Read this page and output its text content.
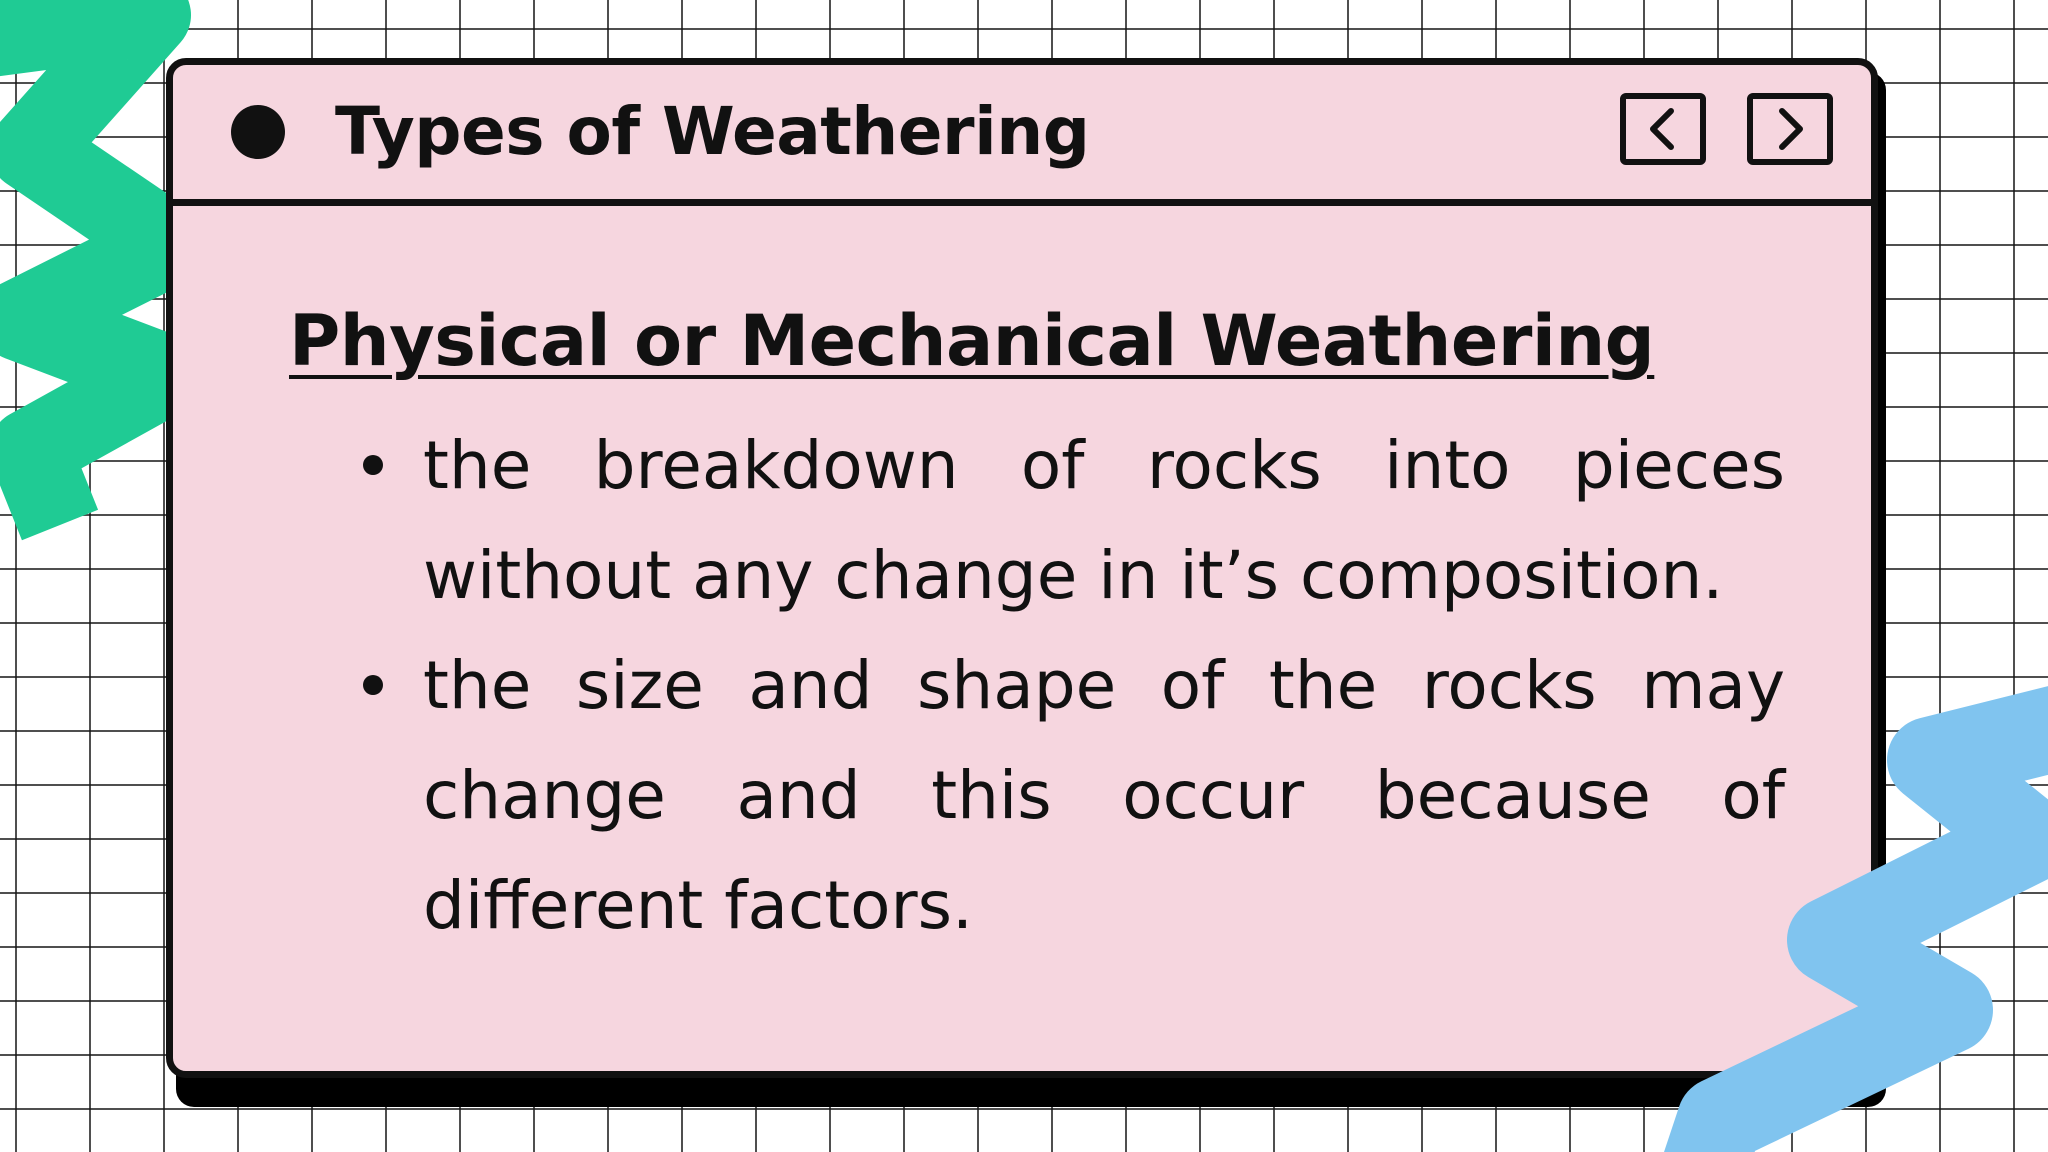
Types of Weathering
Physical or Mechanical Weathering
the breakdown of rocks into pieces without any change in it’s composition.
the size and shape of the rocks may change and this occur because of different factors.
